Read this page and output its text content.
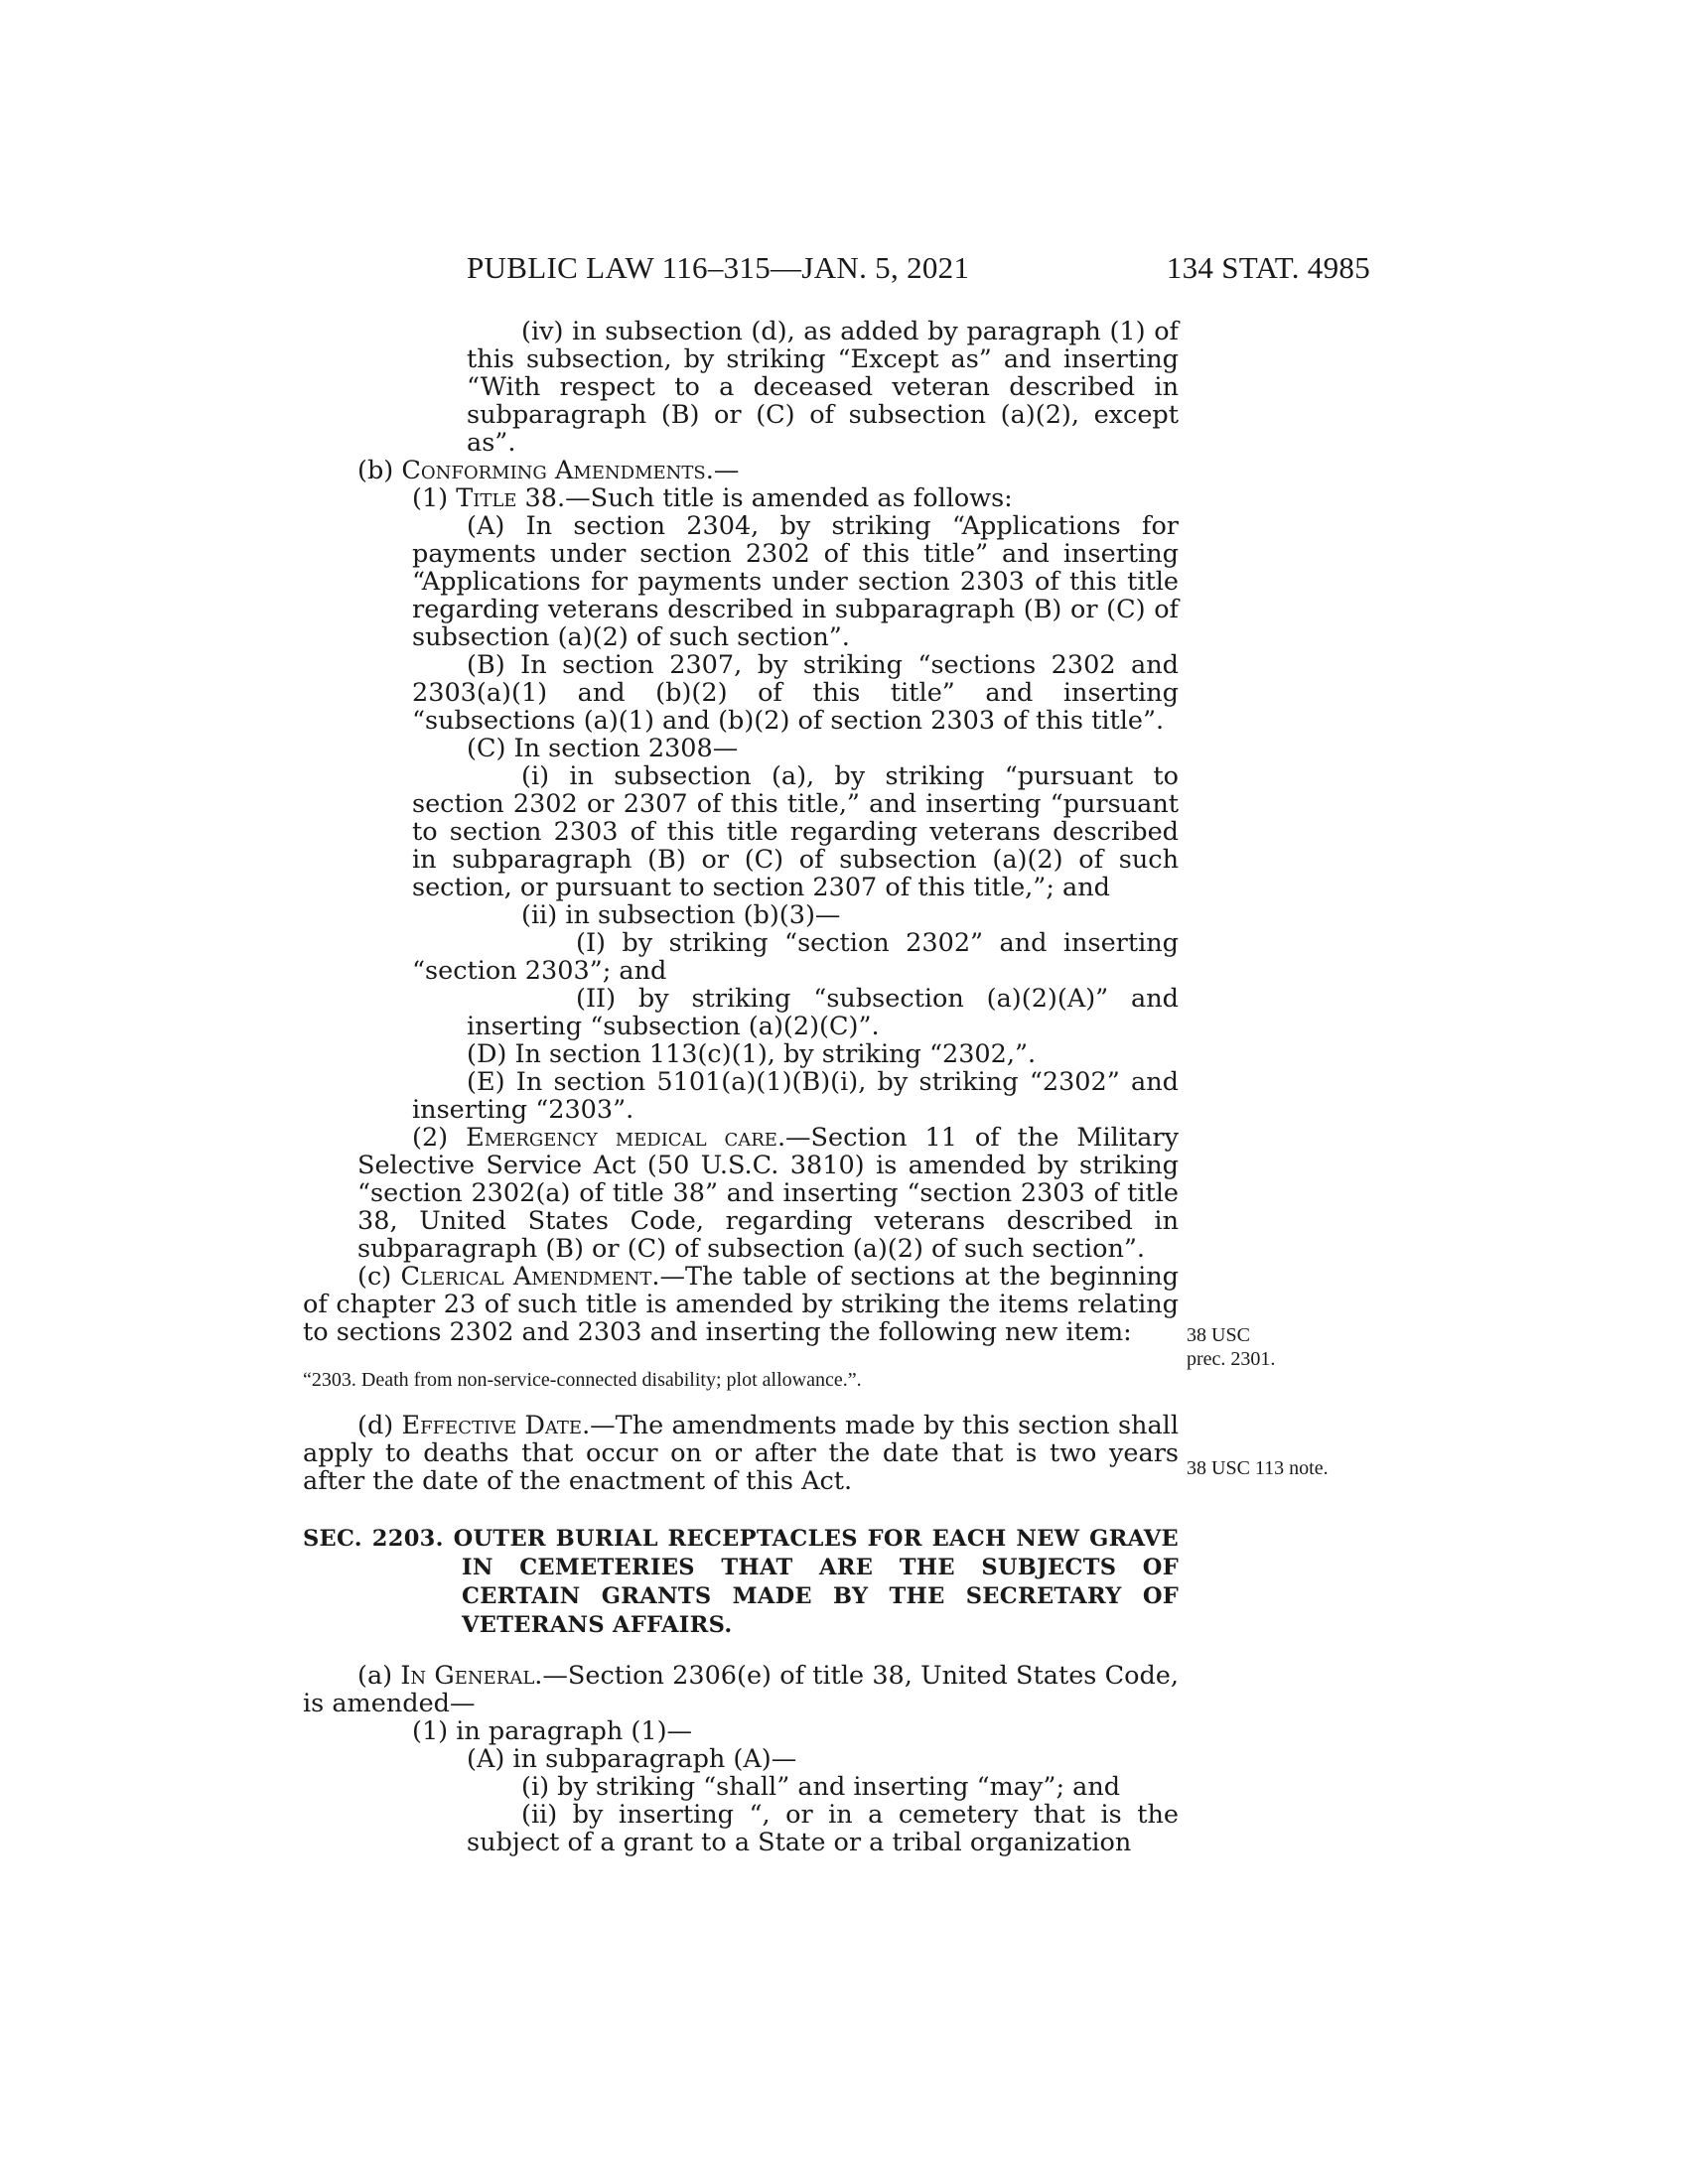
PUBLIC LAW 116–315—JAN. 5, 2021	134 STAT. 4985
38 USC
prec. 2301.
38 USC 113 note.

(iv) in subsection (d), as added by paragraph (1) of this subsection, by striking “Except as” and inserting “With respect to a deceased veteran described in subparagraph (B) or (C) of subsection (a)(2), except as”.

(b) Conforming Amendments.—

(1) Title 38.—Such title is amended as follows:

(A) In section 2304, by striking “Applications for payments under section 2302 of this title” and inserting “Applications for payments under section 2303 of this title regarding veterans described in subparagraph (B) or (C) of subsection (a)(2) of such section”.

(B) In section 2307, by striking “sections 2302 and 2303(a)(1) and (b)(2) of this title” and inserting “subsections (a)(1) and (b)(2) of section 2303 of this title”.

(C) In section 2308—

(i) in subsection (a), by striking “pursuant to section 2302 or 2307 of this title,” and inserting “pursuant to section 2303 of this title regarding veterans described in subparagraph (B) or (C) of subsection (a)(2) of such section, or pursuant to section 2307 of this title,”; and

(ii) in subsection (b)(3)—

(I) by striking “section 2302” and inserting “section 2303”; and

(II) by striking “subsection (a)(2)(A)” and inserting “subsection (a)(2)(C)”.

(D) In section 113(c)(1), by striking “2302,”.

(E) In section 5101(a)(1)(B)(i), by striking “2302” and inserting “2303”.

(2) Emergency medical care.—Section 11 of the Military Selective Service Act (50 U.S.C. 3810) is amended by striking “section 2302(a) of title 38” and inserting “section 2303 of title 38, United States Code, regarding veterans described in subparagraph (B) or (C) of subsection (a)(2) of such section”.

(c) Clerical Amendment.—The table of sections at the beginning of chapter 23 of such title is amended by striking the items relating to sections 2302 and 2303 and inserting the following new item:

“2303. Death from non-service-connected disability; plot allowance.”.

(d) Effective Date.—The amendments made by this section shall apply to deaths that occur on or after the date that is two years after the date of the enactment of this Act.

SEC. 2203. OUTER BURIAL RECEPTACLES FOR EACH NEW GRAVE IN CEMETERIES THAT ARE THE SUBJECTS OF CERTAIN GRANTS MADE BY THE SECRETARY OF VETERANS AFFAIRS.

(a) In General.—Section 2306(e) of title 38, United States Code, is amended—

(1) in paragraph (1)—

(A) in subparagraph (A)—

(i) by striking “shall” and inserting “may”; and

(ii) by inserting “, or in a cemetery that is the subject of a grant to a State or a tribal organization
